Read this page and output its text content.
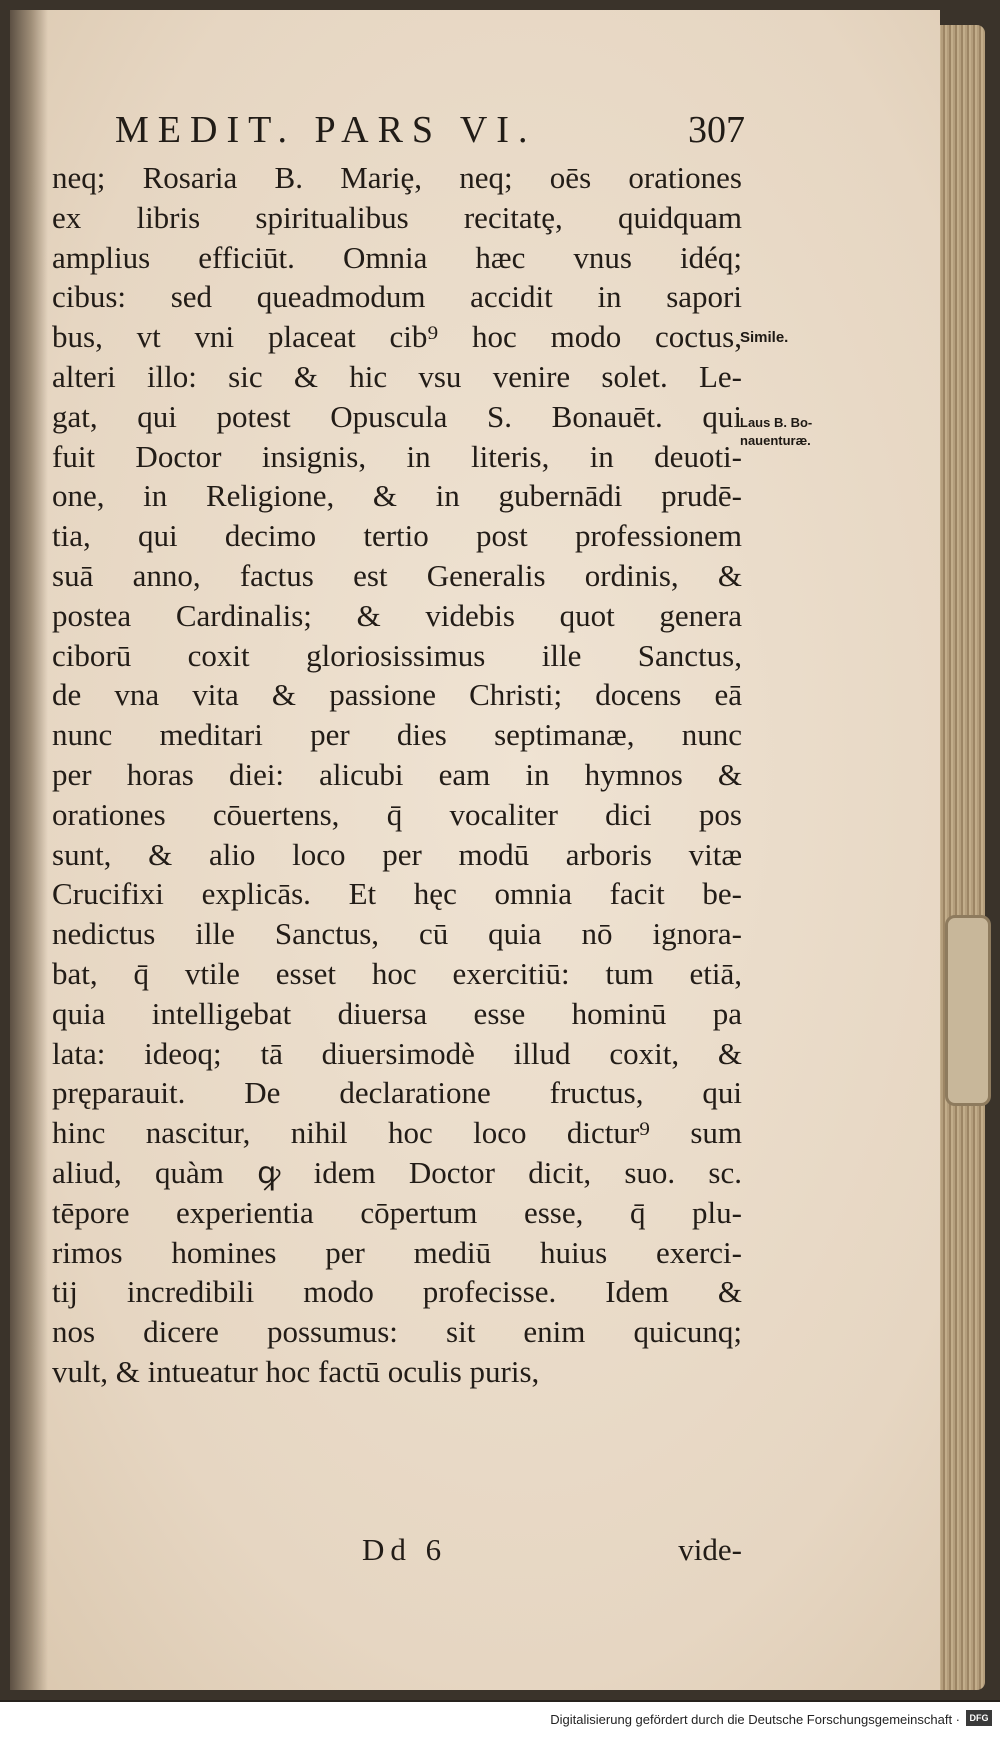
MEDIT. PARS VI.	307
neq; Rosaria B. Mariȩ, neq; oēs orationes
ex libris spiritualibus recitatȩ, quidquam
amplius efficiūt. Omnia hæc vnus idéq;
cibus: sed queadmodum accidit in sapori
bus, vt vni placeat cib⁹ hoc modo coctus,
alteri illo: sic & hic vsu venire solet. Le-
gat, qui potest Opuscula S. Bonauēt. qui
fuit Doctor insignis, in literis, in deuoti-
one, in Religione, & in gubernādi prudē-
tia, qui decimo tertio post professionem
suā anno, factus est Generalis ordinis, &
postea Cardinalis; & videbis quot genera
ciborū coxit gloriosissimus ille Sanctus,
de vna vita & passione Christi; docens eā
nunc meditari per dies septimanæ, nunc
per horas diei: alicubi eam in hymnos &
orationes cōuertens, q̄ vocaliter dici pos
sunt, & alio loco per modū arboris vitæ
Crucifixi explicās. Et hęc omnia facit be-
nedictus ille Sanctus, cū quia nō ignora-
bat, q̄ vtile esset hoc exercitiū: tum etiā,
quia intelligebat diuersa esse hominū pa
lata: ideoq; tā diuersimodè illud coxit, &
pręparauit. De declaratione fructus, qui
hinc nascitur, nihil hoc loco dictur⁹ sum
aliud, quàm ꝙ idem Doctor dicit, suo. sc.
tēpore experientia cōpertum esse, q̄ plu-
rimos homines per mediū huius exerci-
tij incredibili modo profecisse. Idem &
nos dicere possumus: sit enim quicunq;
vult, & intueatur hoc factū oculis puris,
Simile.
Laus B. Bo-
nauenturæ.
Dd 6	vide-
Digitalisierung gefördert durch die Deutsche Forschungsgemeinschaft ·	DFG
